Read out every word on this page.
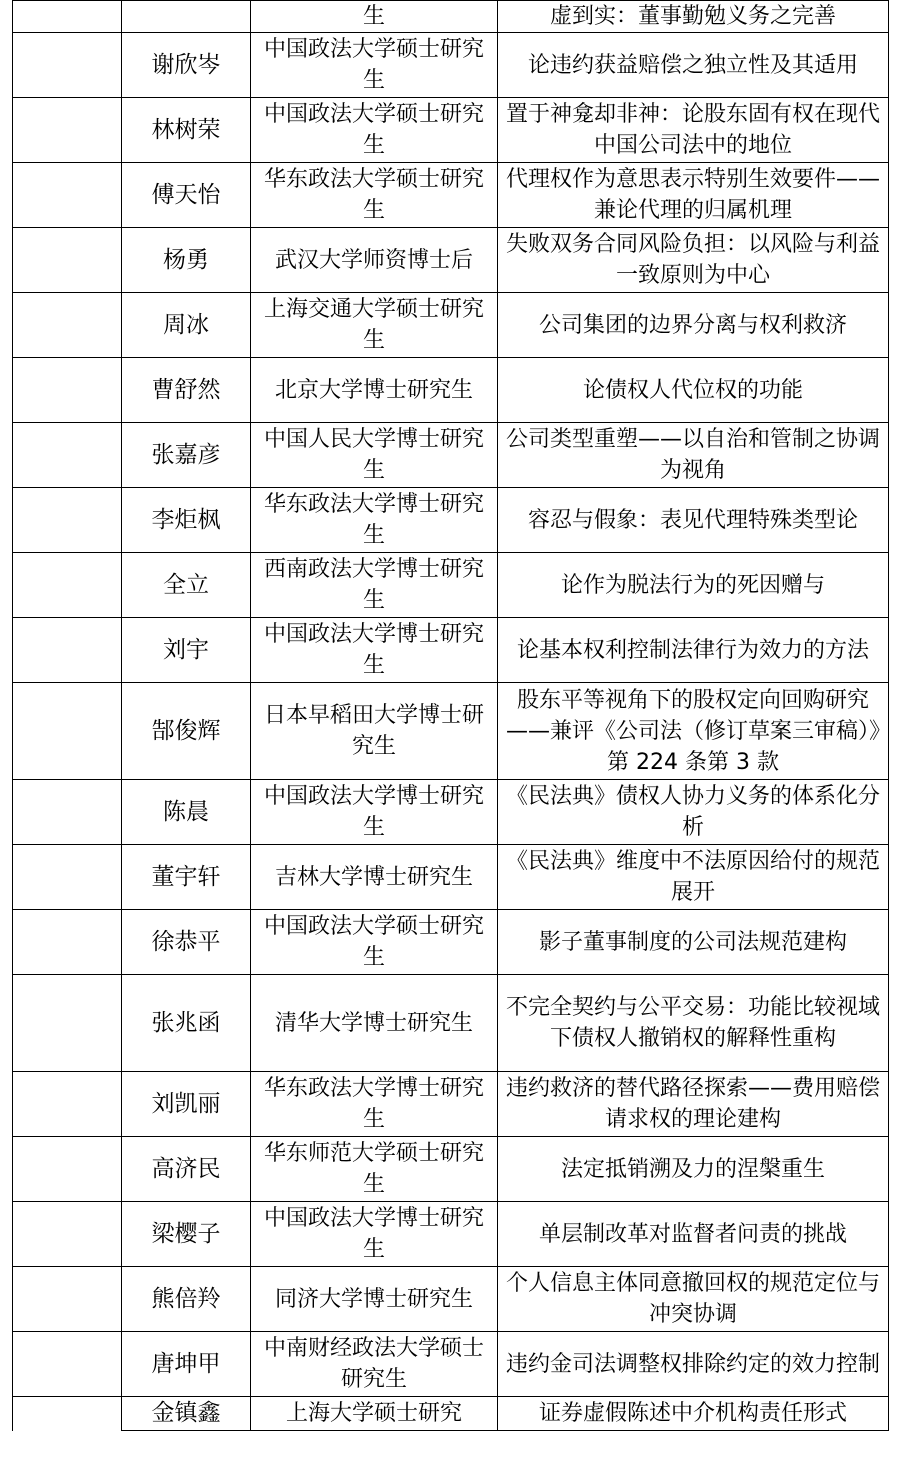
		生	虚到实：董事勤勉义务之完善
	谢欣岑	中国政法大学硕士研究生	论违约获益赔偿之独立性及其适用
	林树荣	中国政法大学硕士研究生	置于神龛却非神：论股东固有权在现代中国公司法中的地位
	傅天怡	华东政法大学硕士研究生	代理权作为意思表示特别生效要件——兼论代理的归属机理
	杨勇	武汉大学师资博士后	失败双务合同风险负担：以风险与利益一致原则为中心
	周冰	上海交通大学硕士研究生	公司集团的边界分离与权利救济
	曹舒然	北京大学博士研究生	论债权人代位权的功能
	张嘉彦	中国人民大学博士研究生	公司类型重塑——以自治和管制之协调为视角
	李炬枫	华东政法大学博士研究生	容忍与假象：表见代理特殊类型论
	全立	西南政法大学博士研究生	论作为脱法行为的死因赠与
	刘宇	中国政法大学博士研究生	论基本权利控制法律行为效力的方法
	郜俊辉	日本早稻田大学博士研究生	股东平等视角下的股权定向回购研究——兼评《公司法（修订草案三审稿）》第 224 条第 3 款
	陈晨	中国政法大学博士研究生	《民法典》债权人协力义务的体系化分析
	董宇轩	吉林大学博士研究生	《民法典》维度中不法原因给付的规范展开
	徐恭平	中国政法大学硕士研究生	影子董事制度的公司法规范建构
	张兆函	清华大学博士研究生	不完全契约与公平交易：功能比较视域下债权人撤销权的解释性重构
	刘凯丽	华东政法大学博士研究生	违约救济的替代路径探索——费用赔偿请求权的理论建构
	高济民	华东师范大学硕士研究生	法定抵销溯及力的涅槃重生
	梁樱子	中国政法大学博士研究生	单层制改革对监督者问责的挑战
	熊倍羚	同济大学博士研究生	个人信息主体同意撤回权的规范定位与冲突协调
	唐坤甲	中南财经政法大学硕士研究生	违约金司法调整权排除约定的效力控制
	金镇鑫	上海大学硕士研究	证券虚假陈述中介机构责任形式
